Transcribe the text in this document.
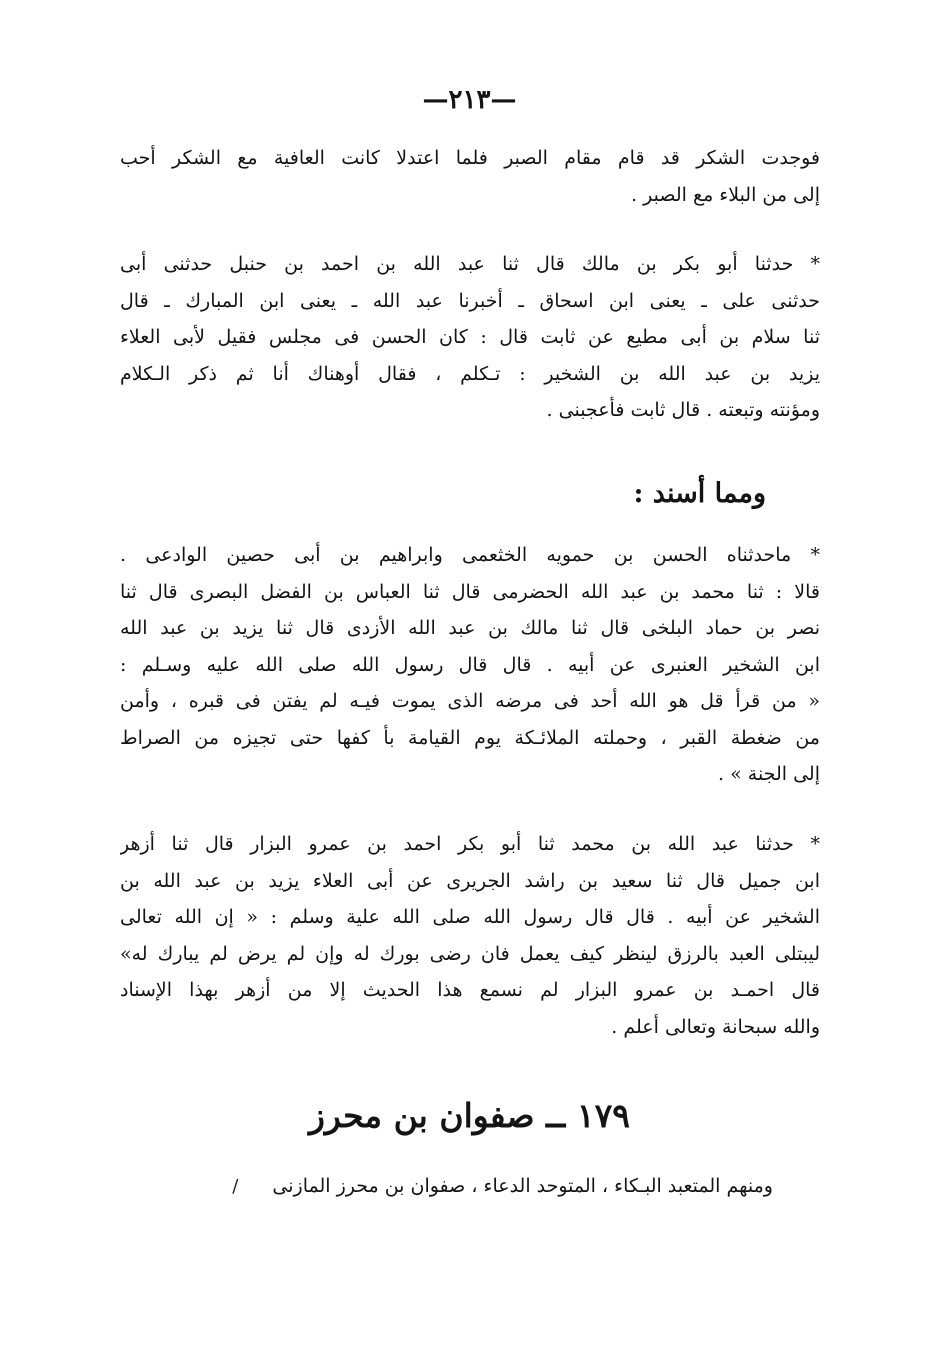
—٢١٣—

فوجدت الشكر قد قام مقام الصبر فلما اعتدلا كانت العافية مع الشكر أحب
إلى من البلاء مع الصبر .

* حدثنا أبو بكر بن مالك قال ثنا عبد الله بن احمد بن حنبل حدثنى أبى
حدثنى على ـ يعنى ابن اسحاق ـ أخبرنا عبد الله ـ يعنى ابن المبارك ـ قال
ثنا سلام بن أبى مطيع عن ثابت قال : كان الحسن فى مجلس فقيل لأبى العلاء
يزيد بن عبد الله بن الشخير : تـكلم ، فقال أوهناك أنا ثم ذكر الـكلام
ومؤنته وتبعته . قال ثابت فأعجبنى .

ومما أسند :

* ماحدثناه الحسن بن حمويه الخثعمى وابراهيم بن أبى حصين الوادعى .
قالا : ثنا محمد بن عبد الله الحضرمى قال ثنا العباس بن الفضل البصرى قال ثنا
نصر بن حماد البلخى قال ثنا مالك بن عبد الله الأزدى قال ثنا يزيد بن عبد الله
ابن الشخير العنبرى عن أبيه . قال قال رسول الله صلى الله عليه وسـلم :
« من قرأ قل هو الله أحد فى مرضه الذى يموت فيـه لم يفتن فى قبره ، وأمن
من ضغطة القبر ، وحملته الملائـكة يوم القيامة بأ كفها حتى تجيزه من الصراط
إلى الجنة » .

* حدثنا عبد الله بن محمد ثنا أبو بكر احمد بن عمرو البزار قال ثنا أزهر
ابن جميل قال ثنا سعيد بن راشد الجريرى عن أبى العلاء يزيد بن عبد الله بن
الشخير عن أبيه . قال قال رسول الله صلى الله علية وسلم : « إن الله تعالى
ليبتلى العبد بالرزق لينظر كيف يعمل فان رضى بورك له وإن لم يرض لم يبارك له»
قال احمـد بن عمرو البزار لم نسمع هذا الحديث إلا من أزهر بهذا الإسناد
والله سبحانة وتعالى أعلم .

١٧٩ ــ صفوان بن محرز
ومنهم المتعبد البـكاء ، المتوحد الدعاء ، صفوان بن محرز المازنى /
